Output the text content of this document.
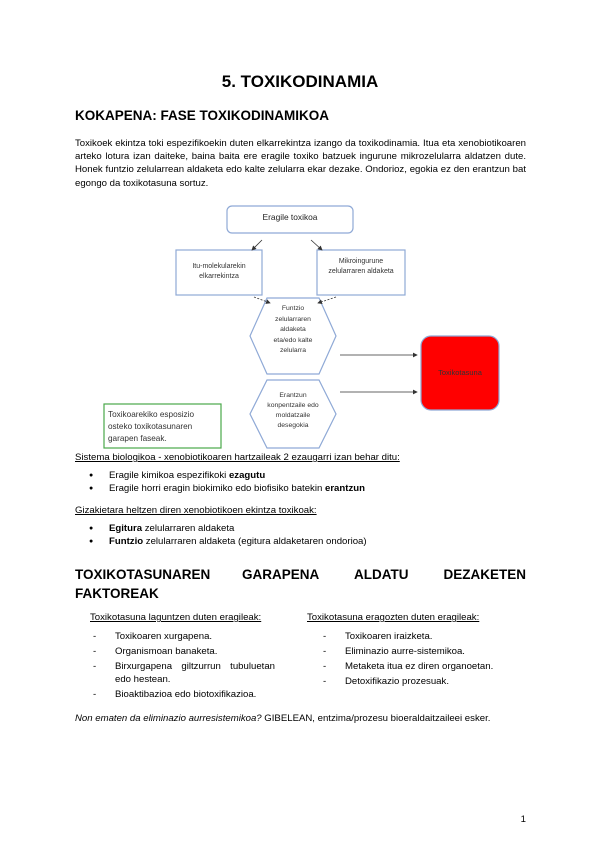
5. TOXIKODINAMIA
KOKAPENA: FASE TOXIKODINAMIKOA

Toxikoek ekintza toki espezifikoekin duten elkarrekintza izango da toxikodinamia. Itua eta xenobiotikoaren arteko lotura izan daiteke, baina baita ere eragile toxiko batzuek ingurune mikrozelularra aldatzen dute. Honek funtzio zelularrean aldaketa edo kalte zelularra ekar dezake. Ondorioz, egokia ez den erantzun bat egongo da toxikotasuna sortuz.

Eragile toxikoa
Itu-molekularekin elkarrekintza
Mikroingurune zelularraren aldaketa
Funtzio zelularraren aldaketa eta/edo kalte zelularra
Erantzun konpentzaile edo moldatzaile desegokia
Toxikotasuna
Toxikoarekiko esposizio osteko toxikotasunaren garapen faseak.
Sistema biologikoa - xenobiotikoaren hartzaileak 2 ezaugarri izan behar ditu:
● Eragile kimikoa espezifikoki ezagutu
● Eragile horri eragin biokimiko edo biofisiko batekin erantzun
Gizakietara heltzen diren xenobiotikoen ekintza toxikoak:
● Egitura zelularraren aldaketa
● Funtzio zelularraren aldaketa (egitura aldaketaren ondorioa)
TOXIKOTASUNAREN GARAPENA	ALDATU	DEZAKETEN
FAKTOREAK
Toxikotasuna laguntzen duten eragileak:
- Toxikoaren xurgapena.
- Organismoan banaketa.
- Birxurgapena giltzurrun tubuluetan edo hestean.
- Bioaktibazioa edo biotoxifikazioa.
Toxikotasuna eragozten duten eragileak:
- Toxikoaren iraizketa.
- Eliminazio aurre-sistemikoa.
- Metaketa itua ez diren organoetan.
- Detoxifikazio prozesuak.
Non ematen da eliminazio aurresistemikoa? GIBELEAN, entzima/prozesu bioeraldaitzaileei esker.
1
